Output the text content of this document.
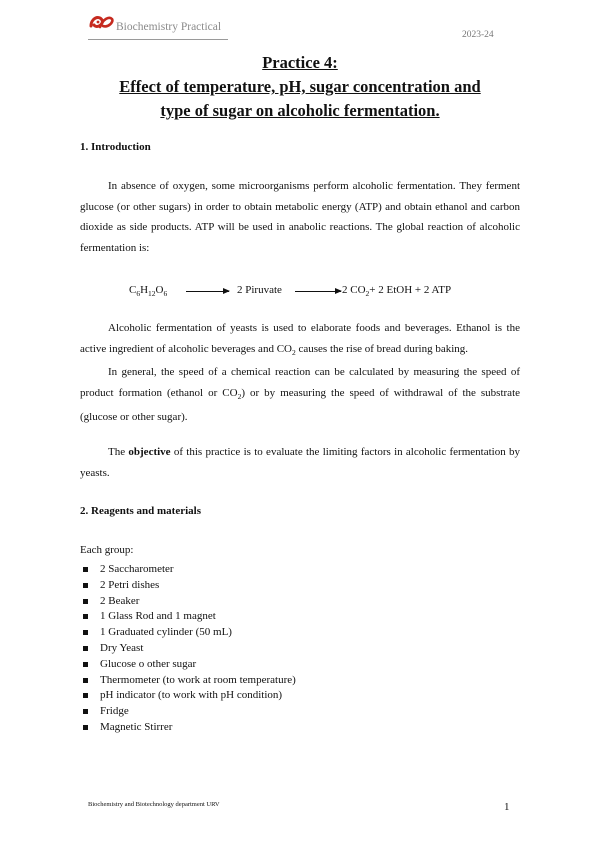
Biochemistry Practical
2023-24
Practice 4:
Effect of temperature, pH, sugar concentration and
type of sugar on alcoholic fermentation.
1. Introduction

In absence of oxygen, some microorganisms perform alcoholic fermentation. They ferment glucose (or other sugars) in order to obtain metabolic energy (ATP) and obtain ethanol and carbon dioxide as side products. ATP will be used in anabolic reactions. The global reaction of alcoholic fermentation is:

$C_6H_{12}O_6 \to 2$ Piruvate	2 $CO_2+ 2$ EtOH + 2 ATP

Alcoholic fermentation of yeasts is used to elaborate foods and beverages. Ethanol is the active ingredient of alcoholic beverages and $CO_2$ causes the rise of bread during baking.

In general, the speed of a chemical reaction can be calculated by measuring the speed of product formation (ethanol or $CO_2$) or by measuring the speed of withdrawal of the substrate (glucose or other sugar).

The objective of this practice is to evaluate the limiting factors in alcoholic fermentation by yeasts.

2. Reagents and materials
Each group:
2 Saccharometer
2 Petri dishes
2 Beaker
1 Glass Rod and 1 magnet
1 Graduated cylinder (50 mL)
Dry Yeast
Glucose o other sugar
Thermometer (to work at room temperature)
pH indicator (to work with pH condition)
Fridge
Magnetic Stirrer
Biochemistry and Biotechnology department URV	1
